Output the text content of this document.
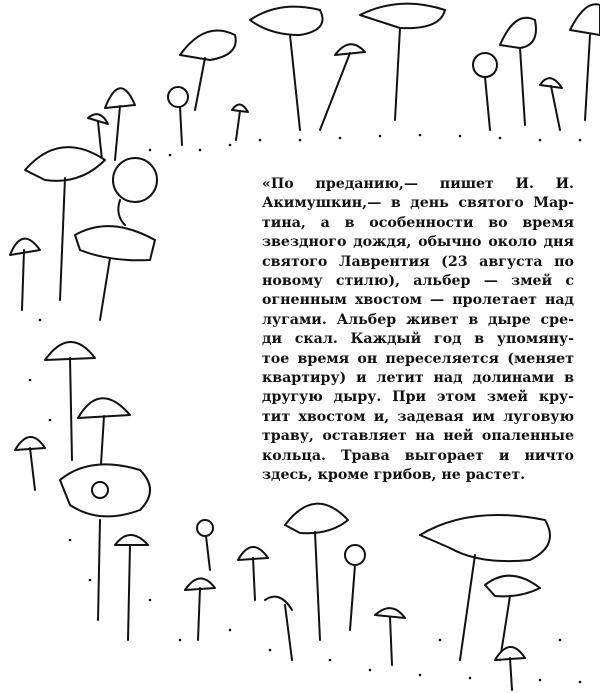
«По преданию,— пишет И. И.
Акимушкин,— в день святого Мар-
тина, а в особенности во время
звездного дождя, обычно около дня
святого Лаврентия (23 августа по
новому стилю), альбер — змей с
огненным хвостом — пролетает над
лугами. Альбер живет в дыре сре-
ди скал. Каждый год в упомяну-
тое время он переселяется (меняет
квартиру) и летит над долинами в
другую дыру. При этом змей кру-
тит хвостом и, задевая им луговую
траву, оставляет на ней опаленные
кольца. Трава выгорает и ничто
здесь, кроме грибов, не растет.
